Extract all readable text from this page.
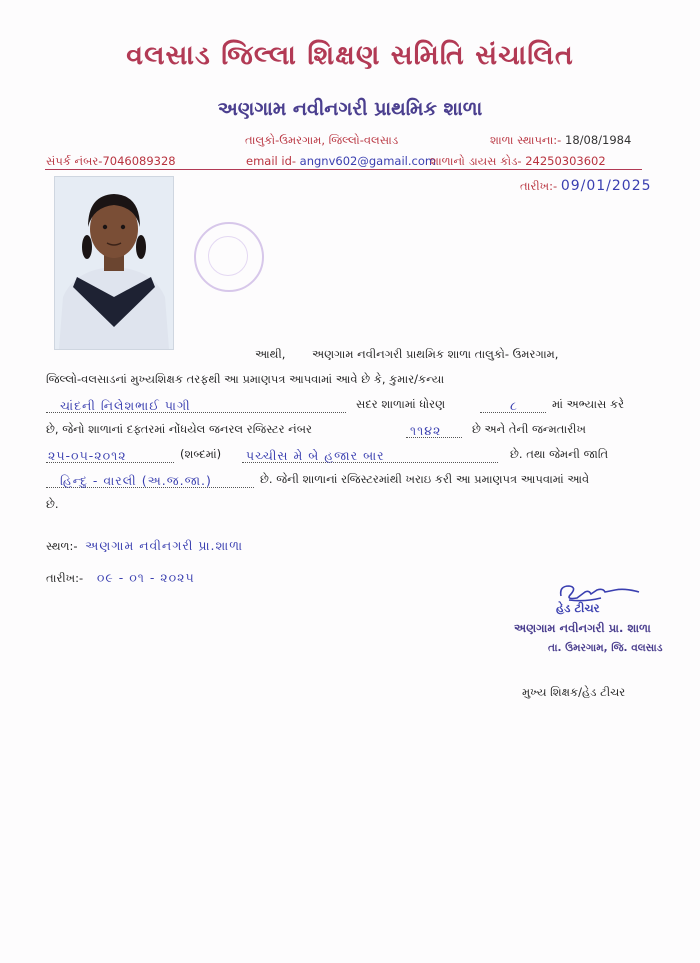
વલસાડ જિલ્લા શિક્ષણ સમિતિ સંચાલિત
અણગામ નવીનગરી પ્રાથમિક શાળા
તાલુકો-ઉમરગામ, જિલ્લો-વલસાડ	શાળા સ્થાપના:- 18/08/1984
સંપર્ક નંબર-7046089328	email id- angnv602@gamail.com
શાળાનો ડાયસ કોડ- 24250303602
તારીખ:- 09/01/2025
આથી, અણગામ નવીનગરી પ્રાથમિક શાળા તાલુકો- ઉમરગામ,
જિલ્લો-વલસાડનાં મુખ્યશિક્ષક તરફથી આ પ્રમાણપત્ર આપવામાં આવે છે કે, કુમાર/કન્યા
ચાંદની નિલેશભાઈ પાગી	સદર શાળામાં ધોરણ	૮	માં અભ્યાસ કરે
છે, જેનો શાળાનાં દફ્તરમાં નોંધયેલ જનરલ રજિસ્ટર નંબર	૧૧૪૨	છે અને તેની જન્મતારીખ
૨૫-૦૫-૨૦૧૨	(શબ્દમાં)	પચ્ચીસ મે બે હજાર બાર	છે. તથા જેમની જાતિ
હિન્દુ - વારલી (અ.જ.જા.)	છે. જેની શાળાનાં રજિસ્ટરમાંથી ખરાઇ કરી આ પ્રમાણપત્ર આપવામાં આવે
છે.
સ્થળ:- અણગામ નવીનગરી પ્રા.શાળા
તારીખ:- ૦૯ - ૦૧ - ૨૦૨૫
હેડ ટીચર
અણગામ નવીનગરી પ્રા. શાળા
તા. ઉમરગામ, જિ. વલસાડ
મુખ્ય શિક્ષક/હેડ ટીચર
